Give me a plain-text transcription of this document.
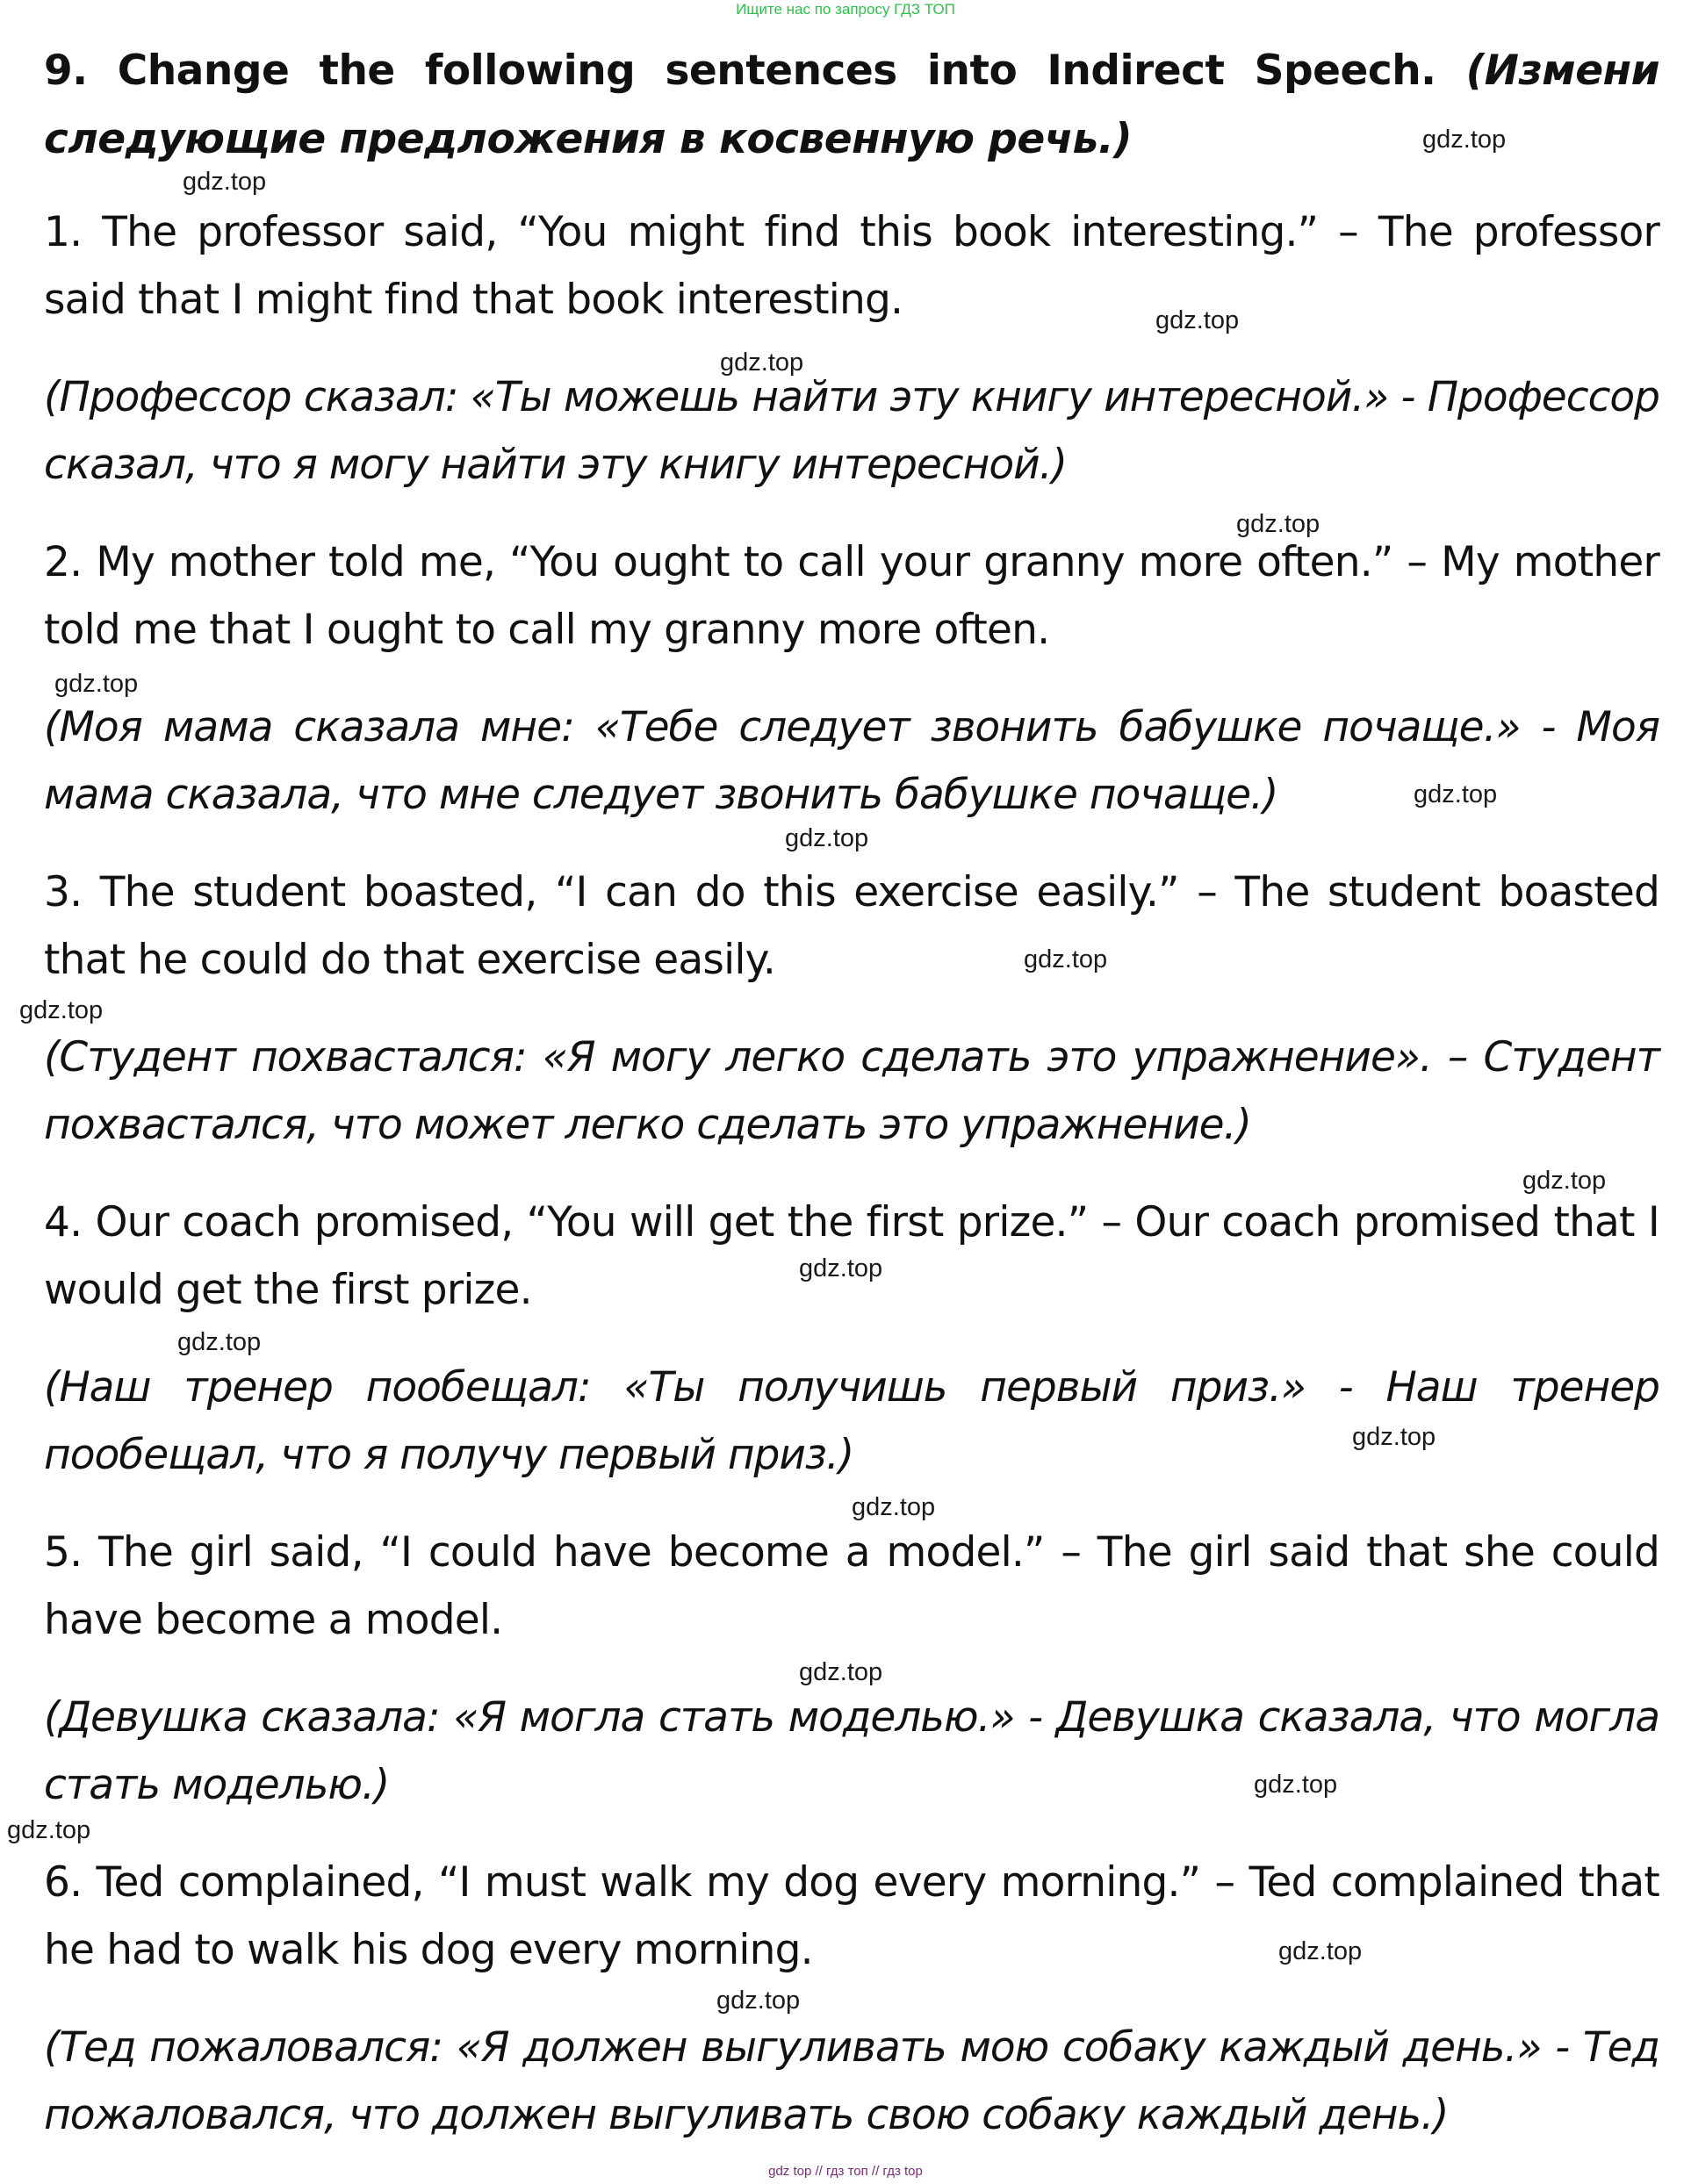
Ищите нас по запросу ГДЗ ТОП

9. Change the following sentences into Indirect Speech. (Измени следующие предложения в косвенную речь.)

1. The professor said, “You might find this book interesting.” – The professor said that I might find that book interesting.

(Профессор сказал: «Ты можешь найти эту книгу интересной.» - Профессор сказал, что я могу найти эту книгу интересной.)

2. My mother told me, “You ought to call your granny more often.” – My mother told me that I ought to call my granny more often.

(Моя мама сказала мне: «Тебе следует звонить бабушке почаще.» - Моя мама сказала, что мне следует звонить бабушке почаще.)

3. The student boasted, “I can do this exercise easily.” – The student boasted that he could do that exercise easily.

(Студент похвастался: «Я могу легко сделать это упражнение». – Студент похвастался, что может легко сделать это упражнение.)

4. Our coach promised, “You will get the first prize.” – Our coach promised that I would get the first prize.

(Наш тренер пообещал: «Ты получишь первый приз.» - Наш тренер пообещал, что я получу первый приз.)

5. The girl said, “I could have become a model.” – The girl said that she could have become a model.

(Девушка сказала: «Я могла стать моделью.» - Девушка сказала, что могла стать моделью.)

6. Ted complained, “I must walk my dog every morning.” – Ted complained that he had to walk his dog every morning.

(Тед пожаловался: «Я должен выгуливать мою собаку каждый день.» - Тед пожаловался, что должен выгуливать свою собаку каждый день.)

gdz.top
gdz.top
gdz.top
gdz.top
gdz.top
gdz.top
gdz.top
gdz.top
gdz.top
gdz.top
gdz.top
gdz.top
gdz.top
gdz.top
gdz.top
gdz.top
gdz.top
gdz.top
gdz.top
gdz.top
gdz top // гдз топ // гдз top
